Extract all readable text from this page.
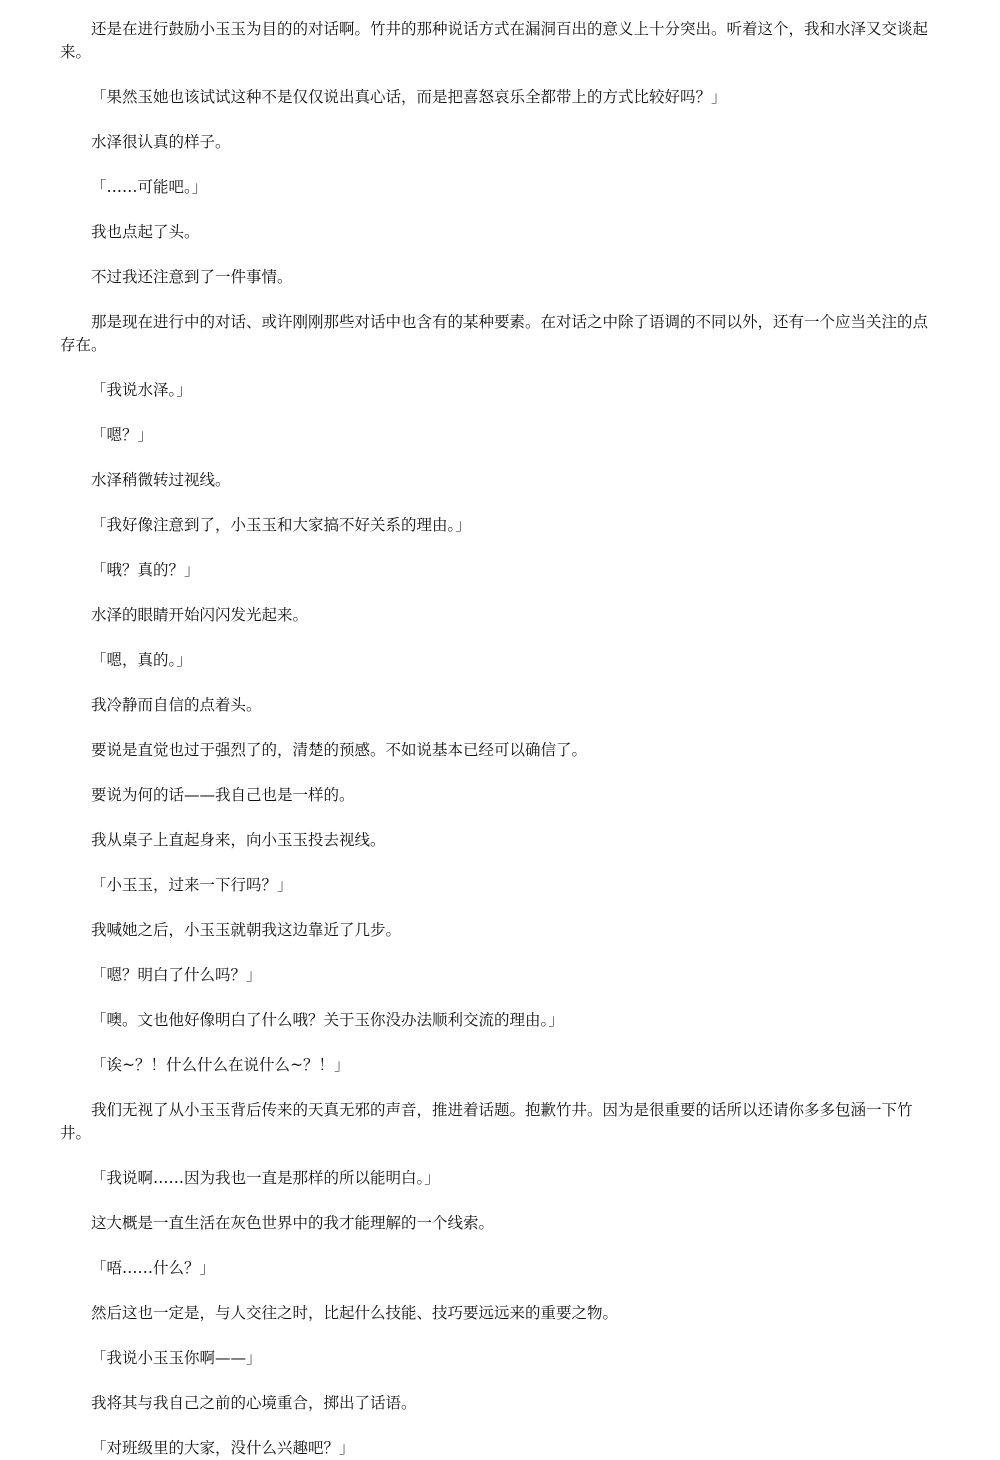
还是在进行鼓励小玉玉为目的的对话啊。竹井的那种说话方式在漏洞百出的意义上十分突出。听着这个，我和水泽又交谈起来。

「果然玉她也该试试这种不是仅仅说出真心话，而是把喜怒哀乐全都带上的方式比较好吗？」

水泽很认真的样子。

「……可能吧。」

我也点起了头。

不过我还注意到了一件事情。

那是现在进行中的对话、或许刚刚那些对话中也含有的某种要素。在对话之中除了语调的不同以外，还有一个应当关注的点存在。

「我说水泽。」

「嗯？」

水泽稍微转过视线。

「我好像注意到了，小玉玉和大家搞不好关系的理由。」

「哦？真的？」

水泽的眼睛开始闪闪发光起来。

「嗯，真的。」

我冷静而自信的点着头。

要说是直觉也过于强烈了的，清楚的预感。不如说基本已经可以确信了。

要说为何的话——我自己也是一样的。

我从桌子上直起身来，向小玉玉投去视线。

「小玉玉，过来一下行吗？」

我喊她之后，小玉玉就朝我这边靠近了几步。

「嗯？明白了什么吗？」

「噢。文也他好像明白了什么哦？关于玉你没办法顺利交流的理由。」

「诶~？！什么什么在说什么~？！」

我们无视了从小玉玉背后传来的天真无邪的声音，推进着话题。抱歉竹井。因为是很重要的话所以还请你多多包涵一下竹井。

「我说啊……因为我也一直是那样的所以能明白。」

这大概是一直生活在灰色世界中的我才能理解的一个线索。

「唔……什么？」

然后这也一定是，与人交往之时，比起什么技能、技巧要远远来的重要之物。

「我说小玉玉你啊——」

我将其与我自己之前的心境重合，掷出了话语。

「对班级里的大家，没什么兴趣吧？」
